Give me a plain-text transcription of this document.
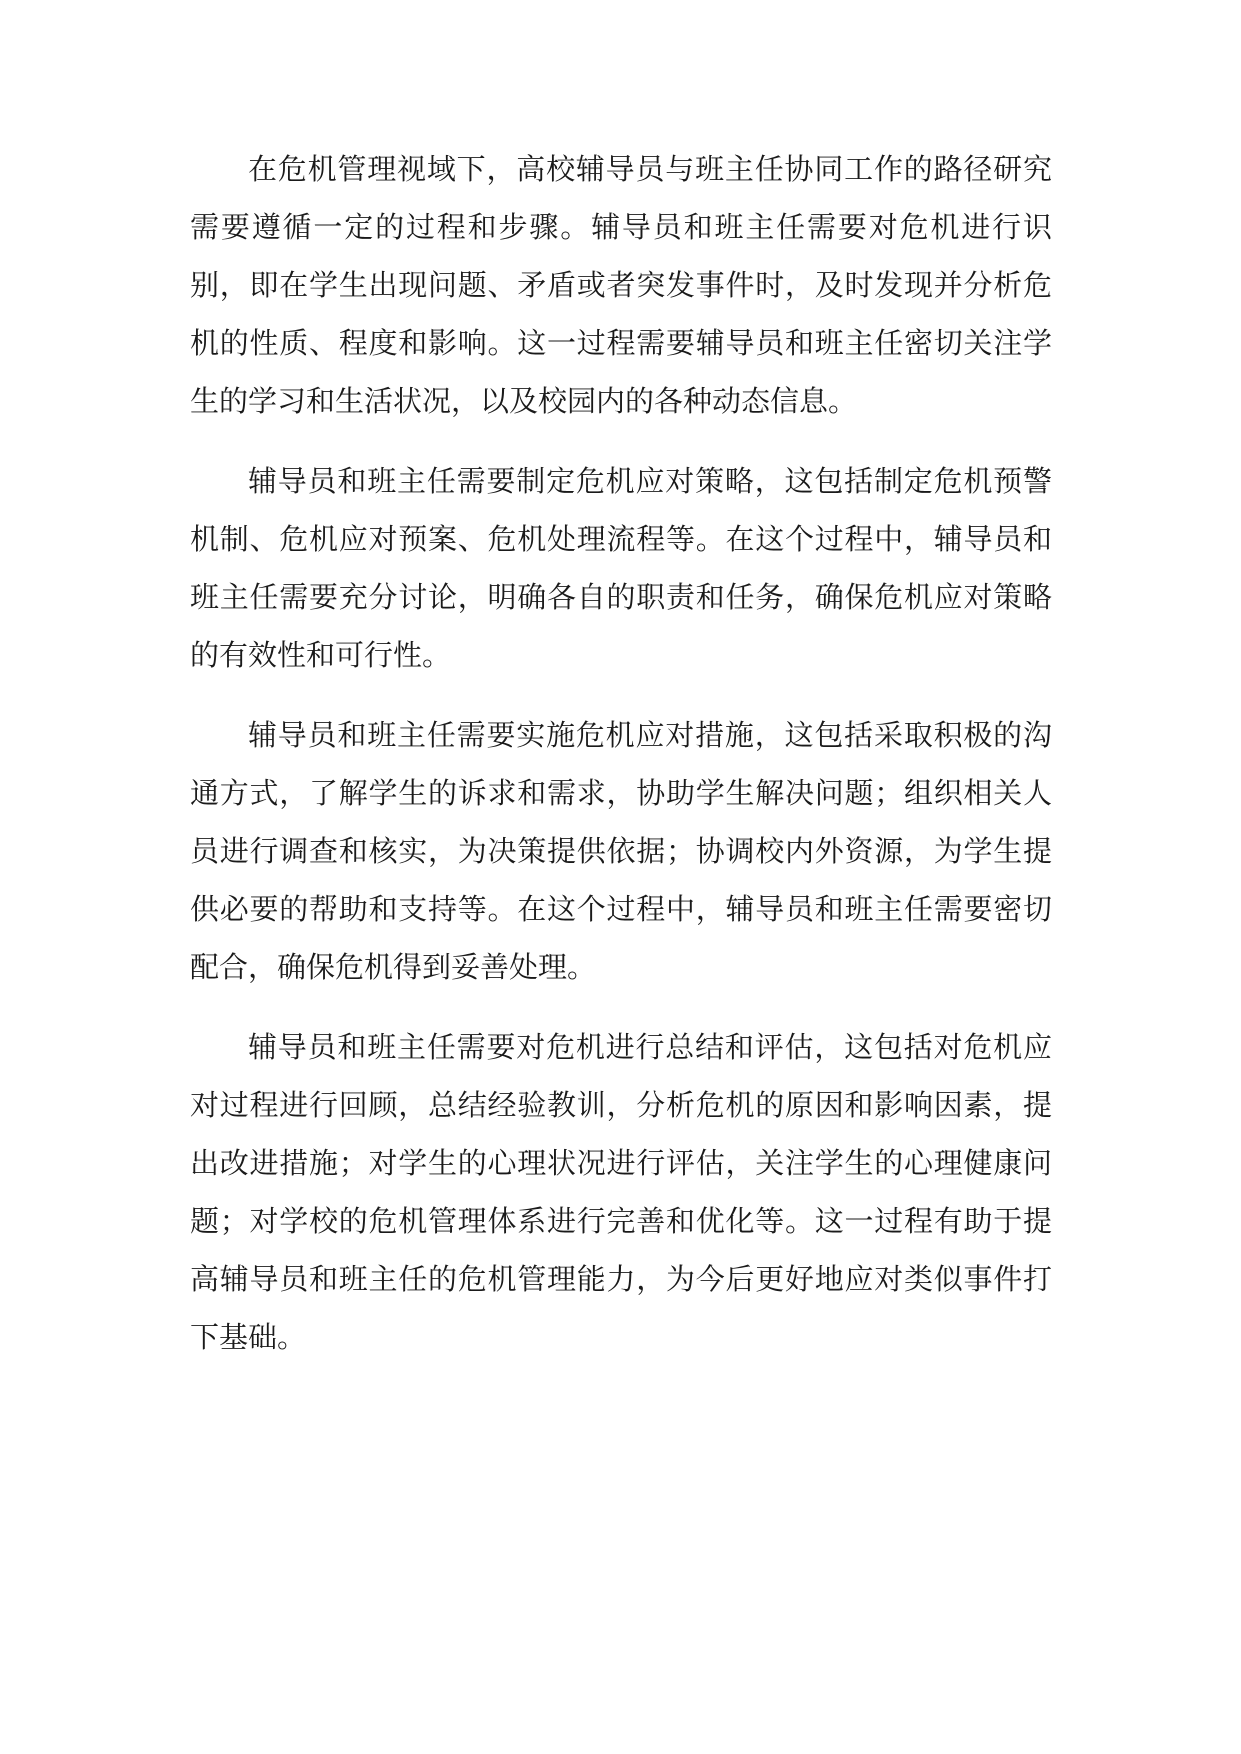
在危机管理视域下，高校辅导员与班主任协同工作的路径研究需要遵循一定的过程和步骤。辅导员和班主任需要对危机进行识别，即在学生出现问题、矛盾或者突发事件时，及时发现并分析危机的性质、程度和影响。这一过程需要辅导员和班主任密切关注学生的学习和生活状况，以及校园内的各种动态信息。

辅导员和班主任需要制定危机应对策略，这包括制定危机预警机制、危机应对预案、危机处理流程等。在这个过程中，辅导员和班主任需要充分讨论，明确各自的职责和任务，确保危机应对策略的有效性和可行性。

辅导员和班主任需要实施危机应对措施，这包括采取积极的沟通方式，了解学生的诉求和需求，协助学生解决问题；组织相关人员进行调查和核实，为决策提供依据；协调校内外资源，为学生提供必要的帮助和支持等。在这个过程中，辅导员和班主任需要密切配合，确保危机得到妥善处理。

辅导员和班主任需要对危机进行总结和评估，这包括对危机应对过程进行回顾，总结经验教训，分析危机的原因和影响因素，提出改进措施；对学生的心理状况进行评估，关注学生的心理健康问题；对学校的危机管理体系进行完善和优化等。这一过程有助于提高辅导员和班主任的危机管理能力，为今后更好地应对类似事件打下基础。
